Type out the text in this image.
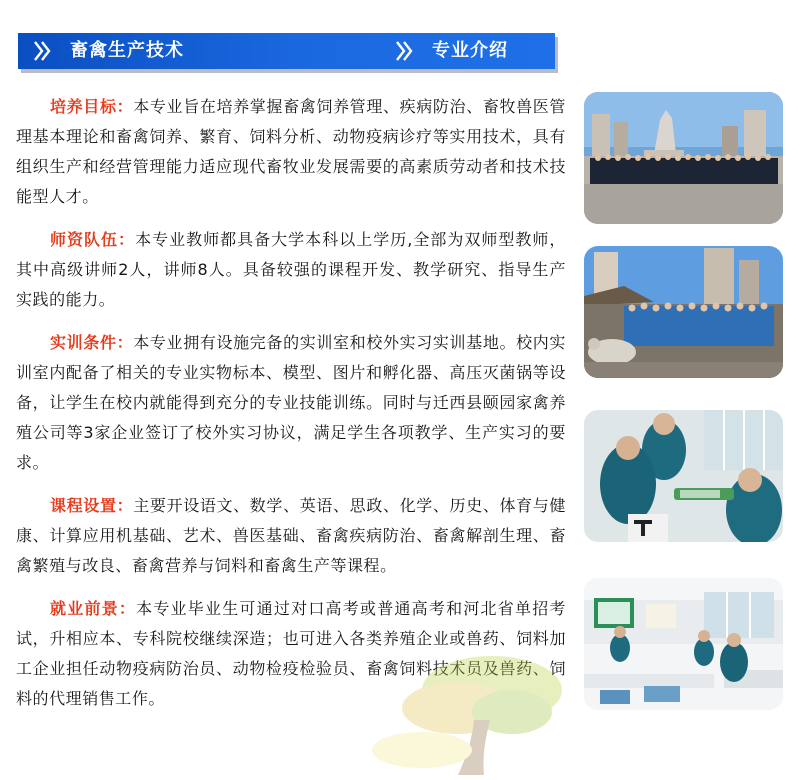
畜禽生产技术	专业介绍

培养目标：本专业旨在培养掌握畜禽饲养管理、疾病防治、畜牧兽医管理基本理论和畜禽饲养、繁育、饲料分析、动物疫病诊疗等实用技术，具有组织生产和经营管理能力适应现代畜牧业发展需要的高素质劳动者和技术技能型人才。

师资队伍：本专业教师都具备大学本科以上学历,全部为双师型教师，其中高级讲师2人，讲师8人。具备较强的课程开发、教学研究、指导生产实践的能力。

实训条件：本专业拥有设施完备的实训室和校外实习实训基地。校内实训室内配备了相关的专业实物标本、模型、图片和孵化器、高压灭菌锅等设备，让学生在校内就能得到充分的专业技能训练。同时与迁西县颐园家禽养殖公司等3家企业签订了校外实习协议，满足学生各项教学、生产实习的要求。

课程设置：主要开设语文、数学、英语、思政、化学、历史、体育与健康、计算应用机基础、艺术、兽医基础、畜禽疾病防治、畜禽解剖生理、畜禽繁殖与改良、畜禽营养与饲料和畜禽生产等课程。

就业前景：本专业毕业生可通过对口高考或普通高考和河北省单招考试，升相应本、专科院校继续深造；也可进入各类养殖企业或兽药、饲料加工企业担任动物疫病防治员、动物检疫检验员、畜禽饲料技术员及兽药、饲料的代理销售工作。
